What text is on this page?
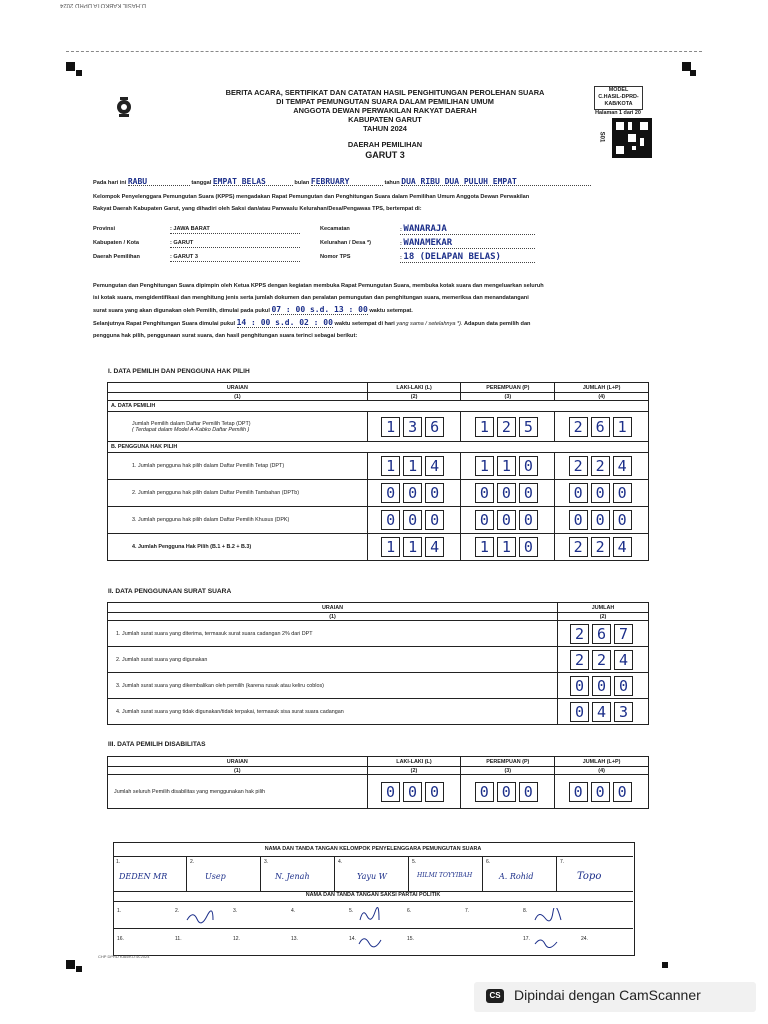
D.HASIL KABKOTA DPRD 2024
BERITA ACARA, SERTIFIKAT DAN CATATAN HASIL PENGHITUNGAN PEROLEHAN SUARA
DI TEMPAT PEMUNGUTAN SUARA DALAM PEMILIHAN UMUM
ANGGOTA DEWAN PERWAKILAN RAKYAT DAERAH
KABUPATEN GARUT
TAHUN 2024
DAERAH PEMILIHAN
GARUT 3
MODEL
C.HASIL-DPRD-
KAB/KOTA
Halaman 1 dari 20
S01
Pada hari ini RABU	tanggal EMPAT BELAS	bulan FEBRUARY	tahun DUA RIBU DUA PULUH EMPAT
Kelompok Penyelenggara Pemungutan Suara (KPPS) mengadakan Rapat Pemungutan dan Penghitungan Suara dalam Pemilihan Umum Anggota Dewan Perwakilan
Rakyat Daerah Kabupaten Garut, yang dihadiri oleh Saksi dan/atau Panwaslu Kelurahan/Desa/Pengawas TPS, bertempat di:
Provinsi	: JAWA BARAT
Kabupaten / Kota	: GARUT
Daerah Pemilihan	: GARUT 3
Kecamatan	: WANARAJA
Kelurahan / Desa *)	: WANAMEKAR
Nomor TPS	: 18 (DELAPAN BELAS)
Pemungutan dan Penghitungan Suara dipimpin oleh Ketua KPPS dengan kegiatan membuka Rapat Pemungutan Suara, membuka kotak suara dan mengeluarkan seluruh
isi kotak suara, mengidentifikasi dan menghitung jenis serta jumlah dokumen dan peralatan pemungutan dan penghitungan suara, memeriksa dan menandatangani
surat suara yang akan digunakan oleh Pemilih, dimulai pada pukul 07 : 00 s.d. 13 : 00 waktu setempat.
Selanjutnya Rapat Penghitungan Suara dimulai pukul 14 : 00 s.d. 02 : 00 waktu setempat di hari yang sama / setelahnya *). Adapun data pemilih dan
pengguna hak pilih, penggunaan surat suara, dan hasil penghitungan suara terinci sebagai berikut:
I. DATA PEMILIH DAN PENGGUNA HAK PILIH
URAIAN	LAKI-LAKI (L)	PEREMPUAN (P)	JUMLAH (L+P)
(1)	(2)	(3)	(4)
A. DATA PEMILIH			

Jumlah Pemilih dalam Daftar Pemilih Tetap (DPT)
( Terdapat dalam Model A-Kabko Daftar Pemilih )	1 3 6	1 2 5	2 6 1
B. PENGGUNA HAK PILIH			
1. Jumlah pengguna hak pilih dalam Daftar Pemilih Tetap (DPT)	1 1 4	1 1 0	2 2 4
2. Jumlah pengguna hak pilih dalam Daftar Pemilih Tambahan (DPTb)	0 0 0	0 0 0	0 0 0
3. Jumlah pengguna hak pilih dalam Daftar Pemilih Khusus (DPK)	0 0 0	0 0 0	0 0 0
4. Jumlah Pengguna Hak Pilih (B.1 + B.2 + B.3)	1 1 4	1 1 0	2 2 4
II. DATA PENGGUNAAN SURAT SUARA
URAIAN	JUMLAH
(1)	(2)
1. Jumlah surat suara yang diterima, termasuk surat suara cadangan 2% dari DPT	2 6 7
2. Jumlah surat suara yang digunakan	2 2 4
3. Jumlah surat suara yang dikembalikan oleh pemilih (karena rusak atau keliru coblos)	0 0 0
4. Jumlah surat suara yang tidak digunakan/tidak terpakai, termasuk sisa surat suara cadangan	0 4 3
III. DATA PEMILIH DISABILITAS
URAIAN	LAKI-LAKI (L)	PEREMPUAN (P)	JUMLAH (L+P)
(1)	(2)	(3)	(4)
Jumlah seluruh Pemilih disabilitas yang menggunakan hak pilih	0 0 0	0 0 0	0 0 0
NAMA DAN TANDA TANGAN KELOMPOK PENYELENGGARA PEMUNGUTAN SUARA
1.
DEDEN MR
2.
Usep
3.
N. Jenah
4.
Yayu W
5.
HILMI TOYYIBAH
6.
A. Rohid
7.
Topo
NAMA DAN TANDA TANGAN SAKSI PARTAI POLITIK
1.	2.	3.	4.	5.	6.	7.	8.
16.	11.	12.	13.	14.	15.	17.	24.
CHP DPRD KAB/KOTA 2024
CS Dipindai dengan CamScanner
